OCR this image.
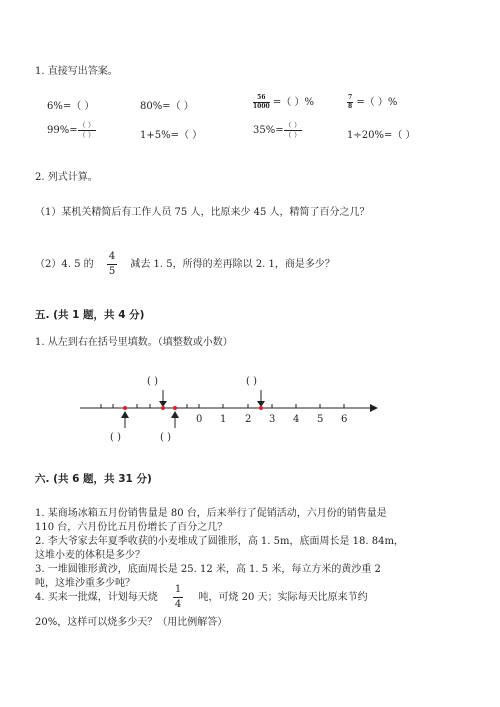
1. 直接写出答案。
6%=（ ）	80%=（ ）	$\frac{56}{1000}$ =（ ）%	$\frac{7}{8}$ =（ ）%
$99\%= \frac{( )}{( )}$	1+5%=（ ）	$35\%= \frac{( )}{( )}$	1÷20%=（ ）
2. 列式计算。
（1）某机关精简后有工作人员 75 人，比原来少 45 人，精简了百分之几？
（2）4. 5 的 $\frac{4}{5}$ 减去 1. 5，所得的差再除以 2. 1，商是多少？
五. (共 1 题，共 4 分)
1. 从左到右在括号里填数。（填整数或小数）
( )	( )
0 1 2 3 4 5 6
( )	( )
六. (共 6 题，共 31 分)
1. 某商场冰箱五月份销售量是 80 台，后来举行了促销活动，六月份的销售量是
110 台，六月份比五月份增长了百分之几？
2. 李大爷家去年夏季收获的小麦堆成了圆锥形，高 1. 5m，底面周长是 18. 84m，
这堆小麦的体积是多少？
3. 一堆圆锥形黄沙，底面周长是 25. 12 米，高 1. 5 米，每立方米的黄沙重 2
吨，这堆沙重多少吨？
4. 买来一批煤，计划每天烧 $\frac{1}{4}$ 吨，可烧 20 天；实际每天比原来节约
20%，这样可以烧多少天？（用比例解答）
